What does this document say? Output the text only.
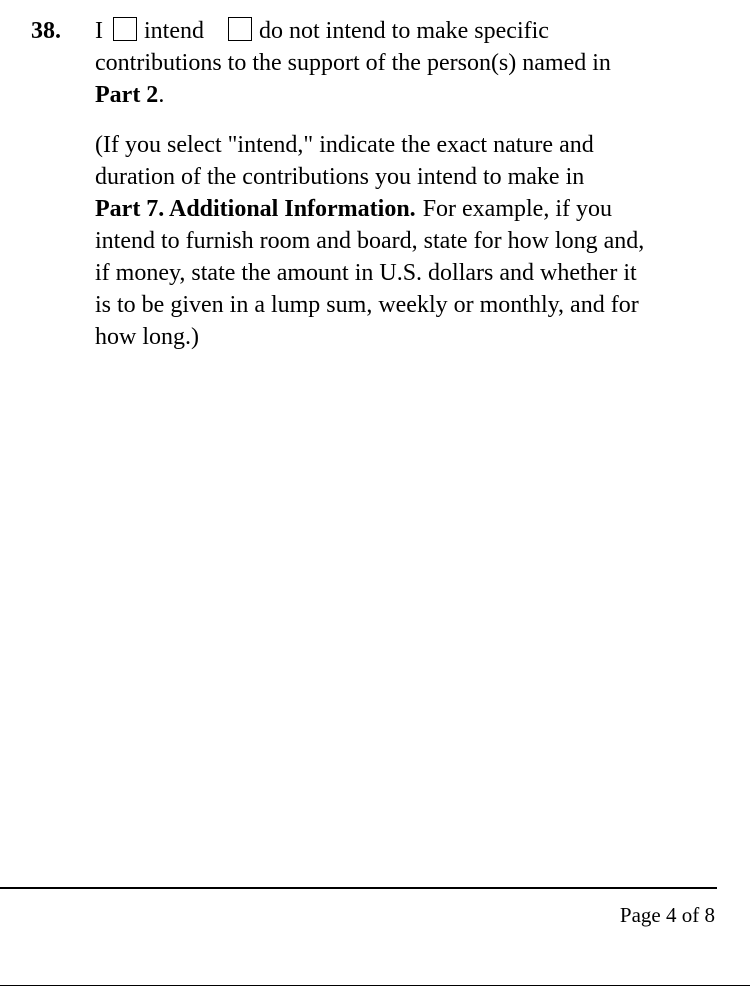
38. I intend do not intend to make specific
contributions to the support of the person(s) named in
Part 2.
(If you select "intend," indicate the exact nature and
duration of the contributions you intend to make in
Part 7. Additional Information. For example, if you
intend to furnish room and board, state for how long and,
if money, state the amount in U.S. dollars and whether it
is to be given in a lump sum, weekly or monthly, and for
how long.)
Page 4 of 8
